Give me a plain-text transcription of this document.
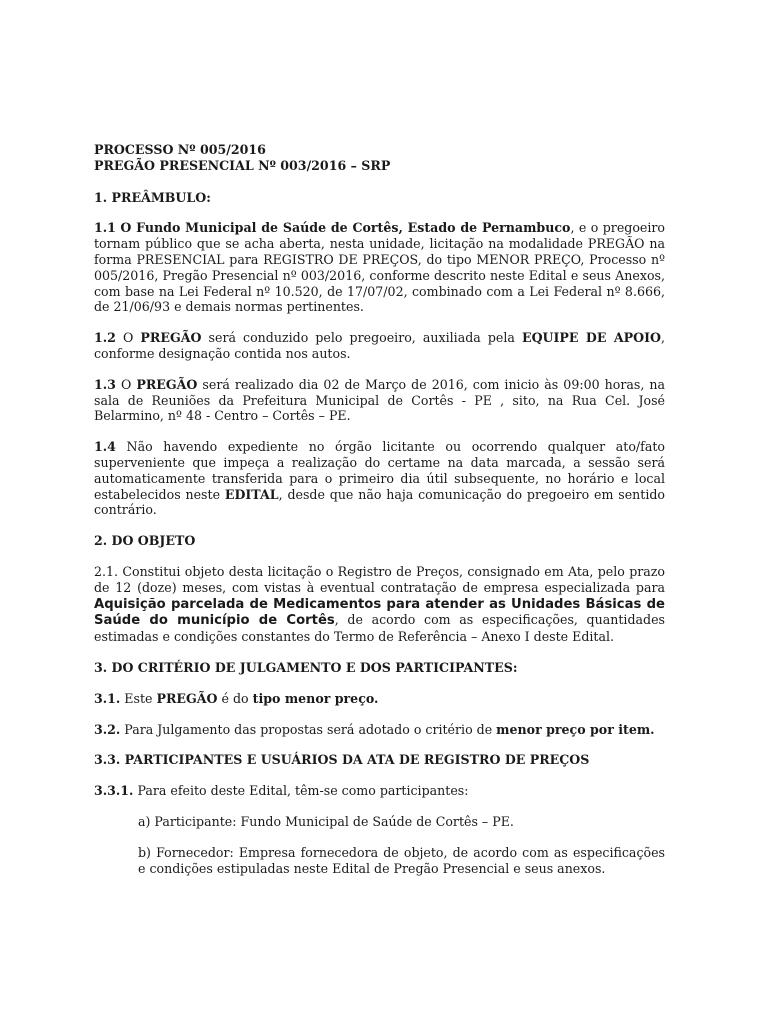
PROCESSO Nº 005/2016

PREGÃO PRESENCIAL Nº 003/2016 – SRP

1. PREÂMBULO:

1.1 O Fundo Municipal de Saúde de Cortês, Estado de Pernambuco, e o pregoeiro tornam público que se acha aberta, nesta unidade, licitação na modalidade PREGÃO na forma PRESENCIAL para REGISTRO DE PREÇOS, do tipo MENOR PREÇO, Processo nº 005/2016, Pregão Presencial nº 003/2016, conforme descrito neste Edital e seus Anexos, com base na Lei Federal nº 10.520, de 17/07/02, combinado com a Lei Federal nº 8.666, de 21/06/93 e demais normas pertinentes.

1.2 O PREGÃO será conduzido pelo pregoeiro, auxiliada pela EQUIPE DE APOIO, conforme designação contida nos autos.

1.3 O PREGÃO será realizado dia 02 de Março de 2016, com inicio às 09:00 horas, na sala de Reuniões da Prefeitura Municipal de Cortês - PE , sito, na Rua Cel. José Belarmino, nº 48 - Centro – Cortês – PE.

1.4 Não havendo expediente no órgão licitante ou ocorrendo qualquer ato/fato superveniente que impeça a realização do certame na data marcada, a sessão será automaticamente transferida para o primeiro dia útil subsequente, no horário e local estabelecidos neste EDITAL, desde que não haja comunicação do pregoeiro em sentido contrário.

2. DO OBJETO

2.1. Constitui objeto desta licitação o Registro de Preços, consignado em Ata, pelo prazo de 12 (doze) meses, com vistas à eventual contratação de empresa especializada para Aquisição parcelada de Medicamentos para atender as Unidades Básicas de Saúde do município de Cortês, de acordo com as especificações, quantidades estimadas e condições constantes do Termo de Referência – Anexo I deste Edital.

3. DO CRITÉRIO DE JULGAMENTO E DOS PARTICIPANTES:

3.1. Este PREGÃO é do tipo menor preço.

3.2. Para Julgamento das propostas será adotado o critério de menor preço por item.

3.3. PARTICIPANTES E USUÁRIOS DA ATA DE REGISTRO DE PREÇOS

3.3.1. Para efeito deste Edital, têm-se como participantes:

a) Participante: Fundo Municipal de Saúde de Cortês – PE.

b) Fornecedor: Empresa fornecedora de objeto, de acordo com as especificações e condições estipuladas neste Edital de Pregão Presencial e seus anexos.
